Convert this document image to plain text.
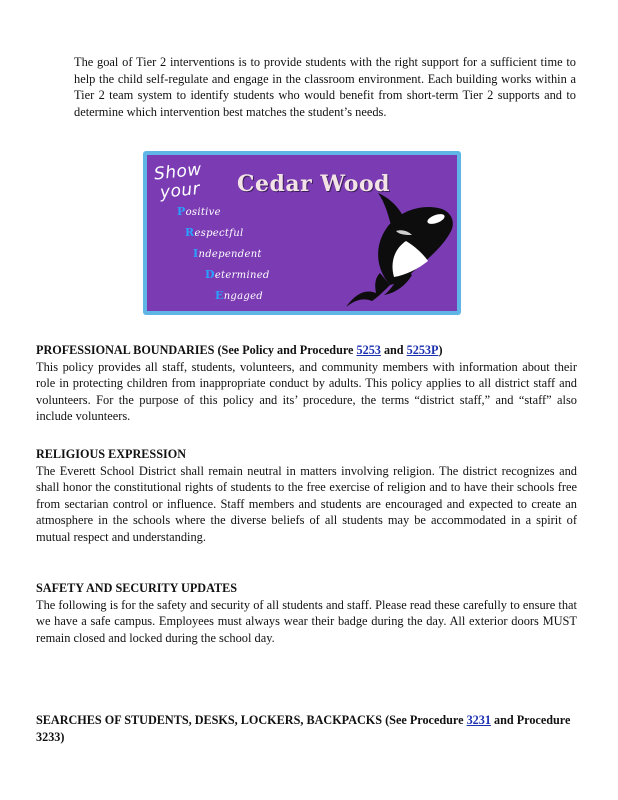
The goal of Tier 2 interventions is to provide students with the right support for a sufficient time to help the child self-regulate and engage in the classroom environment. Each building works within a Tier 2 team system to identify students who would benefit from short-term Tier 2 supports and to determine which intervention best matches the student’s needs.

Show
your Cedar Wood
Positive
Respectful
Independent
Determined
Engaged
PROFESSIONAL BOUNDARIES (See Policy and Procedure 5253 and 5253P)
This policy provides all staff, students, volunteers, and community members with information about their role in protecting children from inappropriate conduct by adults. This policy applies to all district staff and volunteers. For the purpose of this policy and its’ procedure, the terms “district staff,” and “staff” also include volunteers.
RELIGIOUS EXPRESSION
The Everett School District shall remain neutral in matters involving religion. The district recognizes and shall honor the constitutional rights of students to the free exercise of religion and to have their schools free from sectarian control or influence. Staff members and students are encouraged and expected to create an atmosphere in the schools where the diverse beliefs of all students may be accommodated in a spirit of mutual respect and understanding.
SAFETY AND SECURITY UPDATES
The following is for the safety and security of all students and staff. Please read these carefully to ensure that we have a safe campus. Employees must always wear their badge during the day. All exterior doors MUST remain closed and locked during the school day.
SEARCHES OF STUDENTS, DESKS, LOCKERS, BACKPACKS (See Procedure 3231 and Procedure 3233)
